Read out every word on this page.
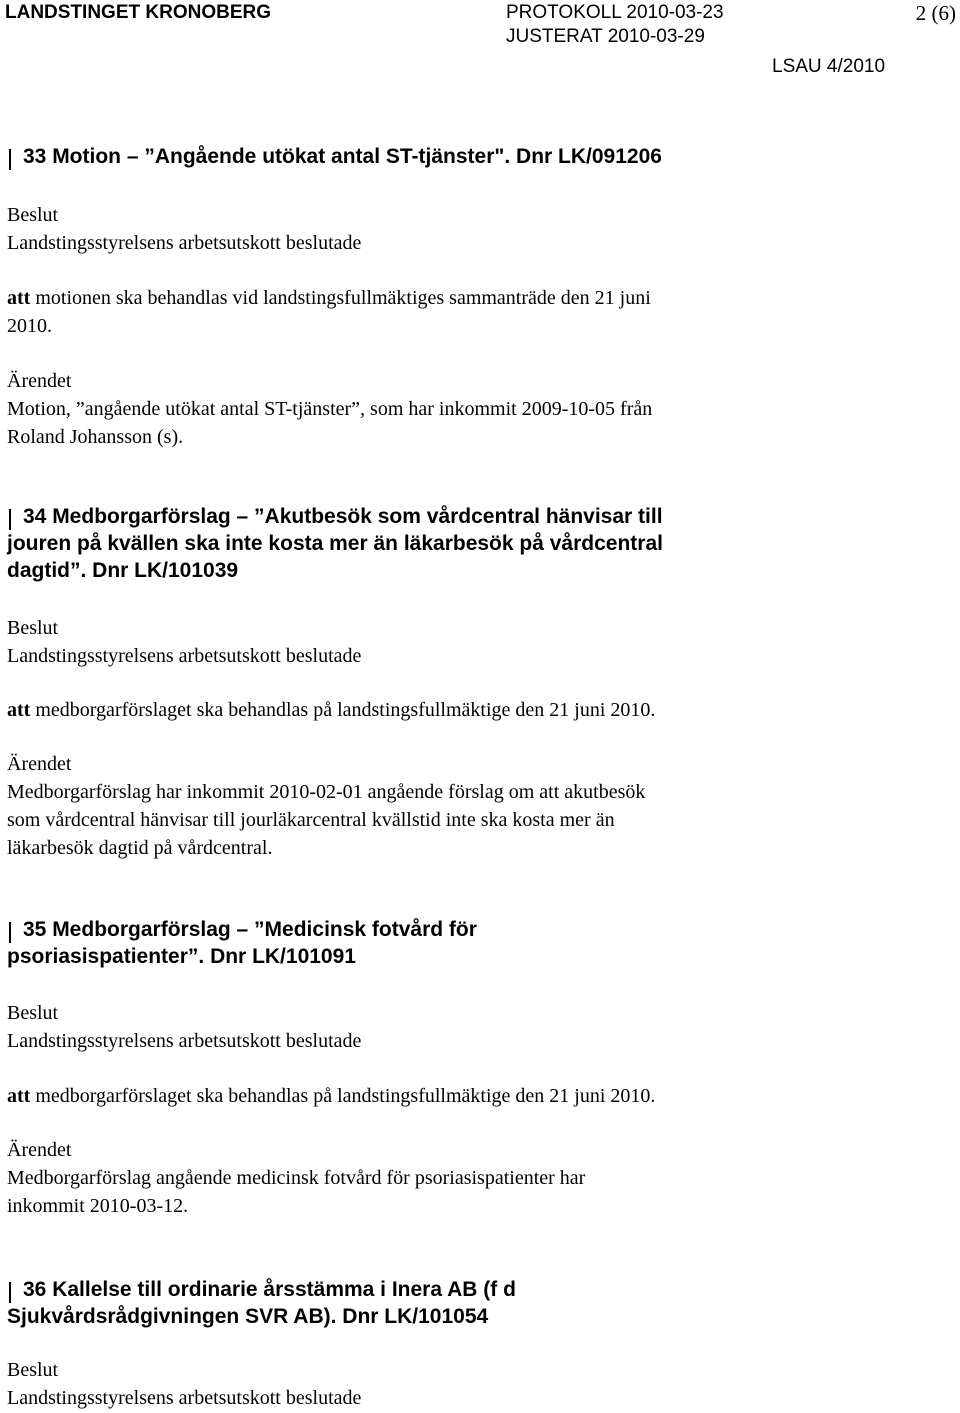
LANDSTINGET KRONOBERG	PROTOKOLL 2010-03-23
JUSTERAT 2010-03-29
2 (6)
LSAU 4/2010
33 Motion – ”Angående utökat antal ST-tjänster". Dnr LK/091206
Beslut
Landstingsstyrelsens arbetsutskott beslutade
att motionen ska behandlas vid landstingsfullmäktiges sammanträde den 21 juni
2010.
Ärendet
Motion, ”angående utökat antal ST-tjänster”, som har inkommit 2009-10-05 från
Roland Johansson (s).
34 Medborgarförslag – ”Akutbesök som vårdcentral hänvisar till
jouren på kvällen ska inte kosta mer än läkarbesök på vårdcentral
dagtid”. Dnr LK/101039
Beslut
Landstingsstyrelsens arbetsutskott beslutade
att medborgarförslaget ska behandlas på landstingsfullmäktige den 21 juni 2010.
Ärendet
Medborgarförslag har inkommit 2010-02-01 angående förslag om att akutbesök
som vårdcentral hänvisar till jourläkarcentral kvällstid inte ska kosta mer än
läkarbesök dagtid på vårdcentral.
35 Medborgarförslag – ”Medicinsk fotvård för
psoriasispatienter”. Dnr LK/101091
Beslut
Landstingsstyrelsens arbetsutskott beslutade
att medborgarförslaget ska behandlas på landstingsfullmäktige den 21 juni 2010.
Ärendet
Medborgarförslag angående medicinsk fotvård för psoriasispatienter har
inkommit 2010-03-12.
36 Kallelse till ordinarie årsstämma i Inera AB (f d
Sjukvårdsrådgivningen SVR AB). Dnr LK/101054
Beslut
Landstingsstyrelsens arbetsutskott beslutade
